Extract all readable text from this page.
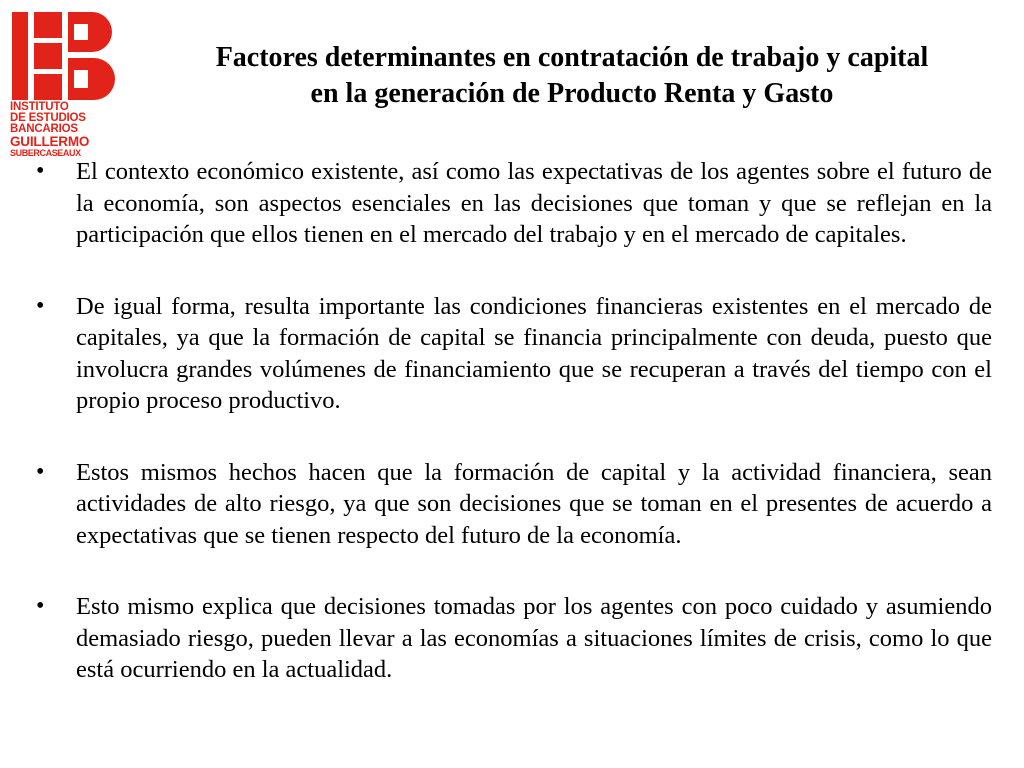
INSTITUTO
DE ESTUDIOS
BANCARIOS
GUILLERMO
SUBERCASEAUX
Factores determinantes en contratación de trabajo y capital
en la generación de Producto Renta y Gasto
• El contexto económico existente, así como las expectativas de los agentes sobre el futuro de la economía, son aspectos esenciales en las decisiones que toman y que se reflejan en la participación que ellos tienen en el mercado del trabajo y en el mercado de capitales.
• De igual forma, resulta importante las condiciones financieras existentes en el mercado de capitales, ya que la formación de capital se financia principalmente con deuda, puesto que involucra grandes volúmenes de financiamiento que se recuperan a través del tiempo con el propio proceso productivo.
• Estos mismos hechos hacen que la formación de capital y la actividad financiera, sean actividades de alto riesgo, ya que son decisiones que se toman en el presentes de acuerdo a expectativas que se tienen respecto del futuro de la economía.
• Esto mismo explica que decisiones tomadas por los agentes con poco cuidado y asumiendo demasiado riesgo, pueden llevar a las economías a situaciones límites de crisis, como lo que está ocurriendo en la actualidad.
